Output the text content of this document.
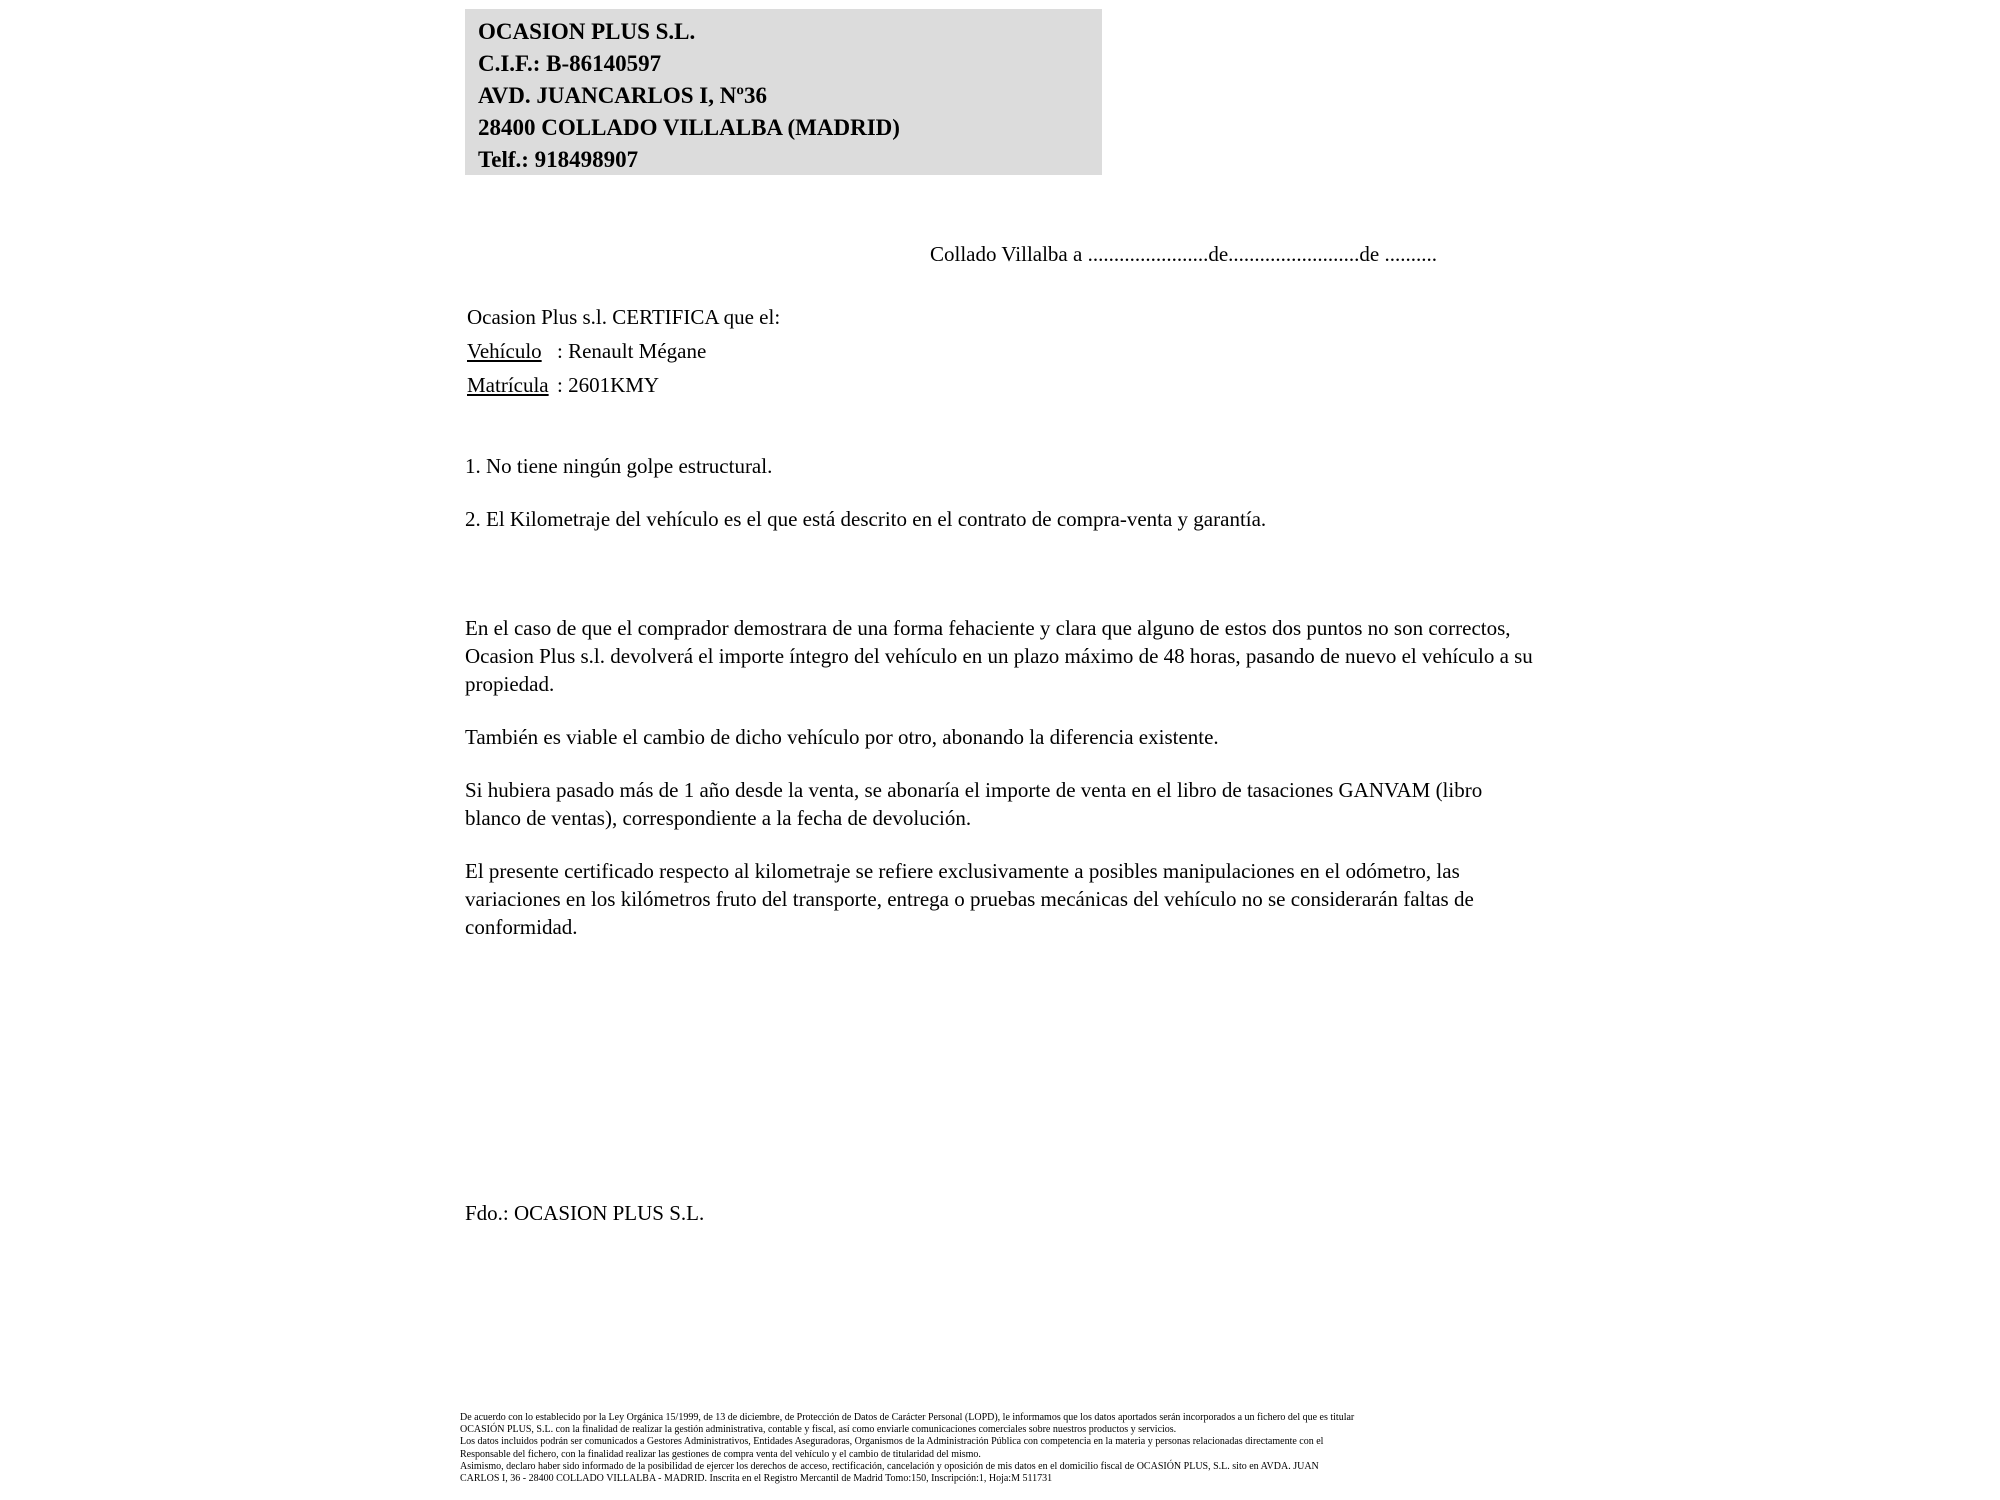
OCASION PLUS S.L.
C.I.F.: B-86140597
AVD. JUANCARLOS I, Nº36
28400 COLLADO VILLALBA (MADRID)
Telf.: 918498907
Collado Villalba a .......................de.........................de ..........
Ocasion Plus s.l. CERTIFICA que el:
Vehículo : Renault Mégane
Matrícula : 2601KMY
1. No tiene ningún golpe estructural.
2. El Kilometraje del vehículo es el que está descrito en el contrato de compra-venta y garantía.

En el caso de que el comprador demostrara de una forma fehaciente y clara que alguno de estos dos puntos no son correctos, Ocasion Plus s.l. devolverá el importe íntegro del vehículo en un plazo máximo de 48 horas, pasando de nuevo el vehículo a su propiedad.

También es viable el cambio de dicho vehículo por otro, abonando la diferencia existente.

Si hubiera pasado más de 1 año desde la venta, se abonaría el importe de venta en el libro de tasaciones GANVAM (libro blanco de ventas), correspondiente a la fecha de devolución.

El presente certificado respecto al kilometraje se refiere exclusivamente a posibles manipulaciones en el odómetro, las variaciones en los kilómetros fruto del transporte, entrega o pruebas mecánicas del vehículo no se considerarán faltas de conformidad.

Fdo.: OCASION PLUS S.L.
De acuerdo con lo establecido por la Ley Orgánica 15/1999, de 13 de diciembre, de Protección de Datos de Carácter Personal (LOPD), le informamos que los datos aportados serán incorporados a un fichero del que es titular
OCASIÓN PLUS, S.L. con la finalidad de realizar la gestión administrativa, contable y fiscal, así como enviarle comunicaciones comerciales sobre nuestros productos y servicios.
Los datos incluidos podrán ser comunicados a Gestores Administrativos, Entidades Aseguradoras, Organismos de la Administración Pública con competencia en la materia y personas relacionadas directamente con el
Responsable del fichero, con la finalidad realizar las gestiones de compra venta del vehículo y el cambio de titularidad del mismo.
Asimismo, declaro haber sido informado de la posibilidad de ejercer los derechos de acceso, rectificación, cancelación y oposición de mis datos en el domicilio fiscal de OCASIÓN PLUS, S.L. sito en AVDA. JUAN
CARLOS I, 36 - 28400 COLLADO VILLALBA - MADRID. Inscrita en el Registro Mercantil de Madrid Tomo:150, Inscripción:1, Hoja:M 511731
